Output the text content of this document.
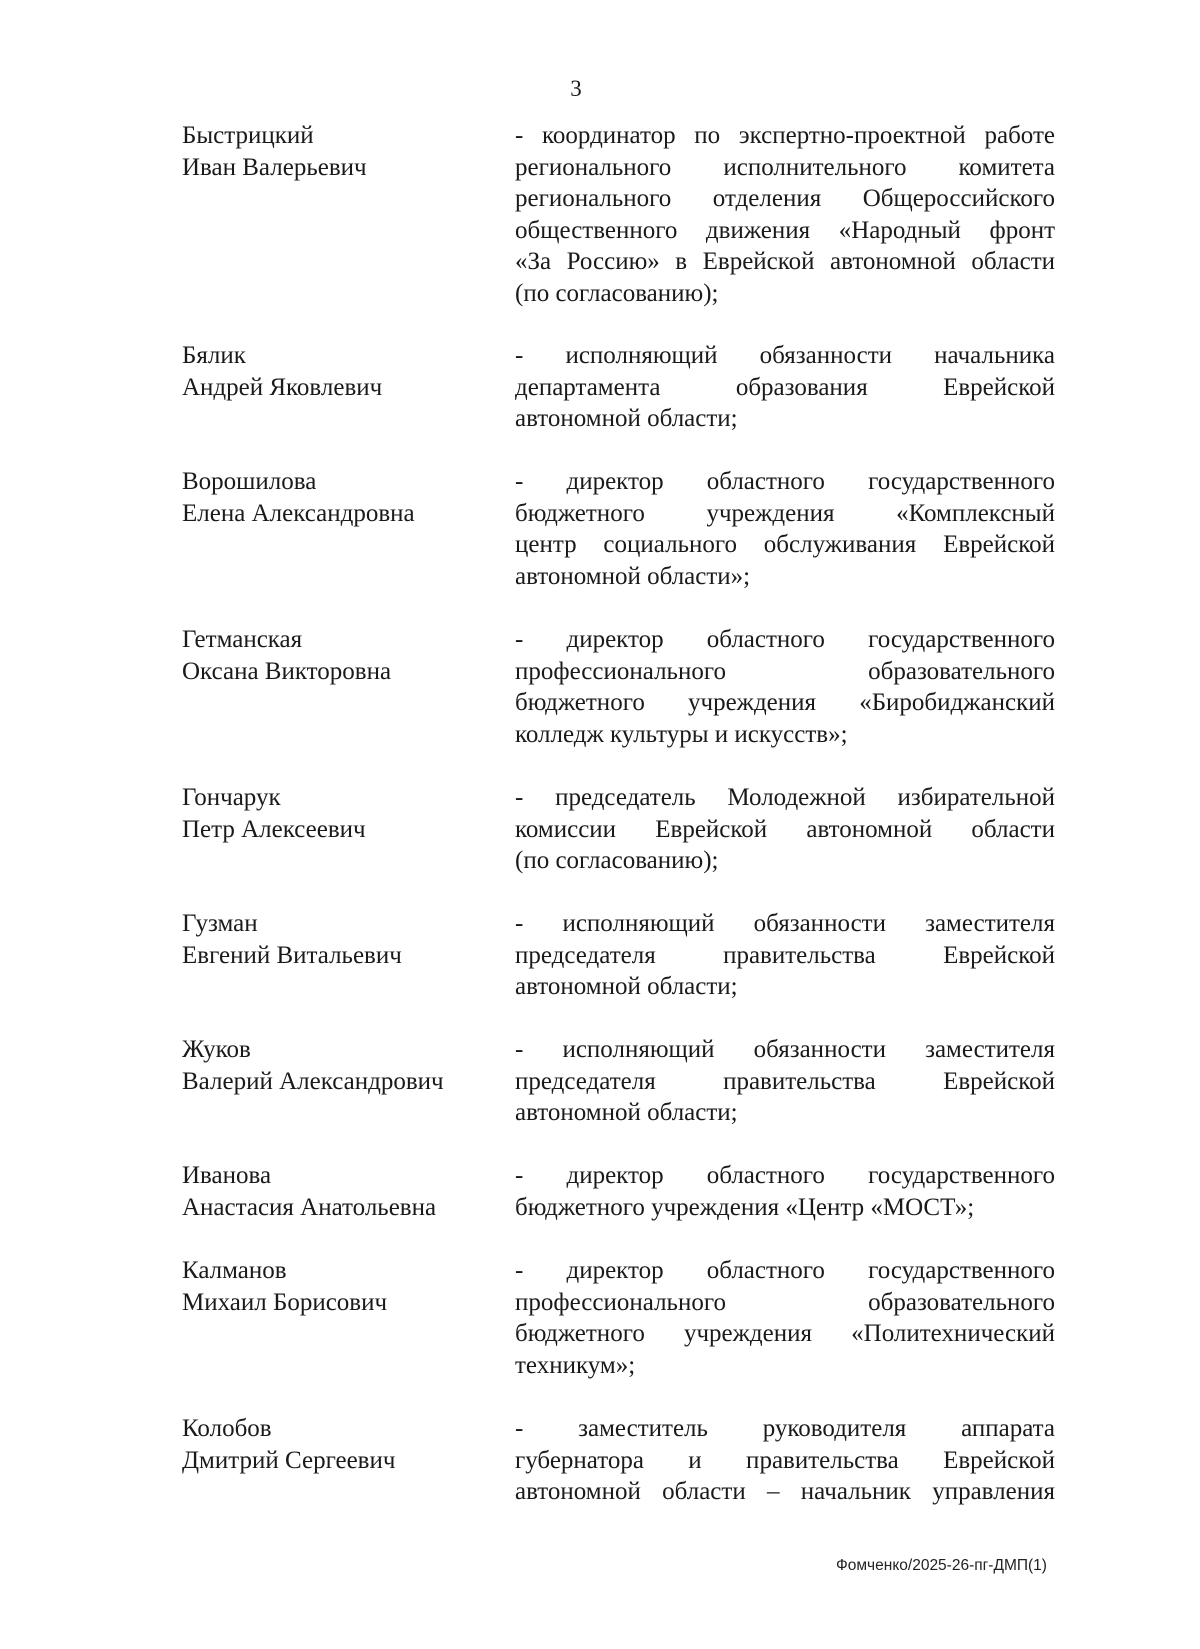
3
Быстрицкий
Иван Валерьевич
- координатор по экспертно-проектной работе
регионального исполнительного комитета
регионального отделения Общероссийского
общественного движения «Народный фронт
«За Россию» в Еврейской автономной области
(по согласованию);
Бялик
Андрей Яковлевич
- исполняющий обязанности начальника
департамента образования Еврейской
автономной области;
Ворошилова
Елена Александровна
- директор областного государственного
бюджетного учреждения «Комплексный
центр социального обслуживания Еврейской
автономной области»;
Гетманская
Оксана Викторовна
- директор областного государственного
профессионального образовательного
бюджетного учреждения «Биробиджанский
колледж культуры и искусств»;
Гончарук
Петр Алексеевич
- председатель Молодежной избирательной
комиссии Еврейской автономной области
(по согласованию);
Гузман
Евгений Витальевич
- исполняющий обязанности заместителя
председателя правительства Еврейской
автономной области;
Жуков
Валерий Александрович
- исполняющий обязанности заместителя
председателя правительства Еврейской
автономной области;
Иванова
Анастасия Анатольевна
- директор областного государственного
бюджетного учреждения «Центр «МОСТ»;
Калманов
Михаил Борисович
- директор областного государственного
профессионального образовательного
бюджетного учреждения «Политехнический
техникум»;
Колобов
Дмитрий Сергеевич
- заместитель руководителя аппарата
губернатора и правительства Еврейской
автономной области – начальник управления
Фомченко/2025-26-пг-ДМП(1)
